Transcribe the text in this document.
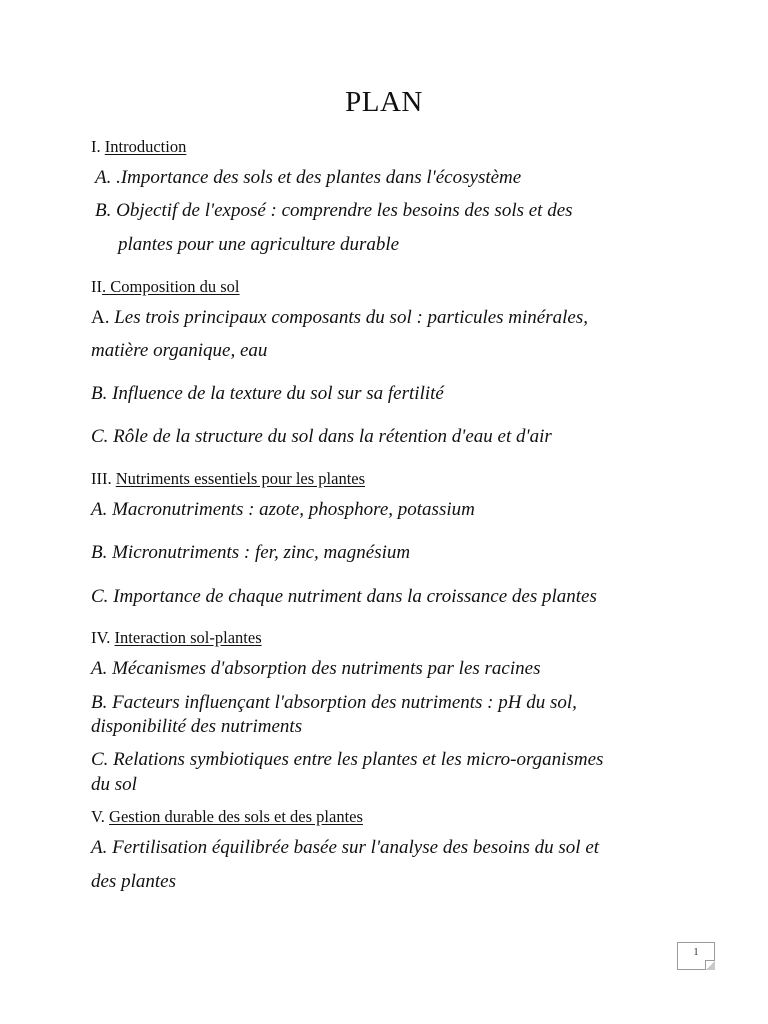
PLAN
I. Introduction
A. .Importance des sols et des plantes dans l'écosystème
B. Objectif de l'exposé : comprendre les besoins des sols et des
plantes pour une agriculture durable
II. Composition du sol
A. Les trois principaux composants du sol : particules minérales,
matière organique, eau
B. Influence de la texture du sol sur sa fertilité
C. Rôle de la structure du sol dans la rétention d'eau et d'air
III. Nutriments essentiels pour les plantes
A. Macronutriments : azote, phosphore, potassium
B. Micronutriments : fer, zinc, magnésium
C. Importance de chaque nutriment dans la croissance des plantes
IV. Interaction sol-plantes
A. Mécanismes d'absorption des nutriments par les racines
B. Facteurs influençant l'absorption des nutriments : pH du sol,
disponibilité des nutriments
C. Relations symbiotiques entre les plantes et les micro-organismes
du sol
V. Gestion durable des sols et des plantes
A. Fertilisation équilibrée basée sur l'analyse des besoins du sol et
des plantes
1
